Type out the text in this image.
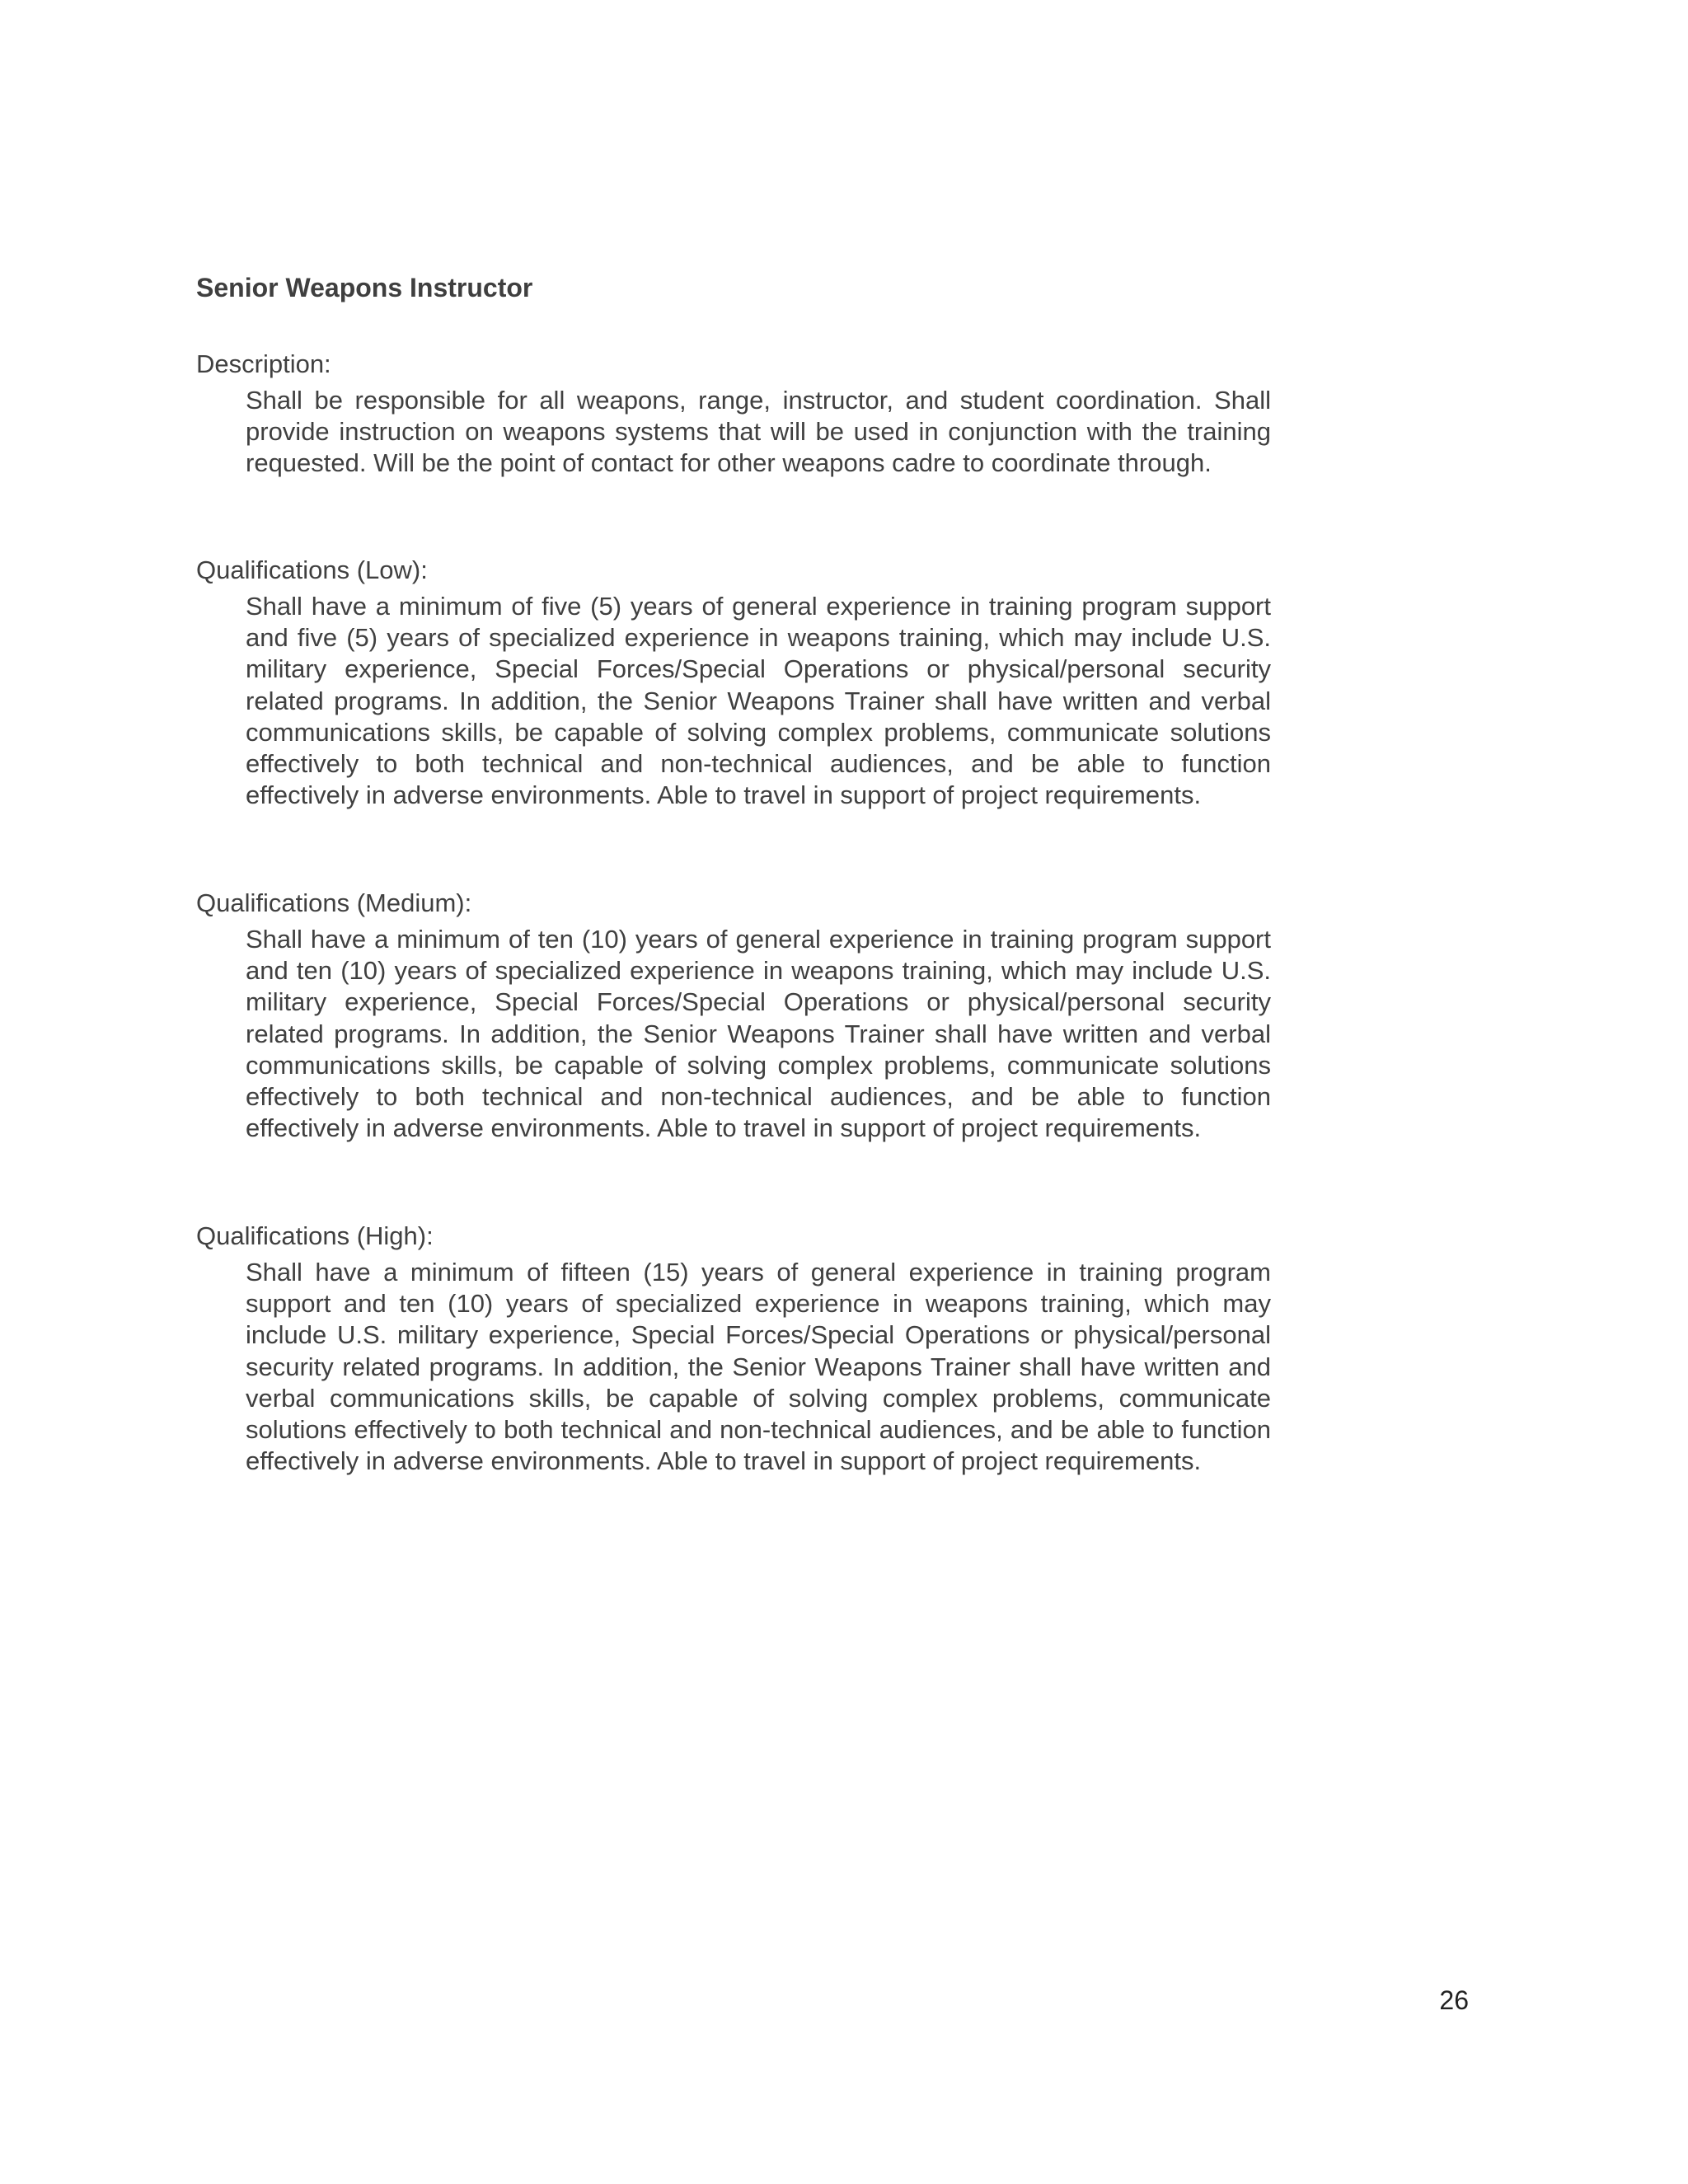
Senior Weapons Instructor

Description:

Shall be responsible for all weapons, range, instructor, and student coordination. Shall provide instruction on weapons systems that will be used in conjunction with the training requested. Will be the point of contact for other weapons cadre to coordinate through.

Qualifications (Low):

Shall have a minimum of five (5) years of general experience in training program support and five (5) years of specialized experience in weapons training, which may include U.S. military experience, Special Forces/Special Operations or physical/personal security related programs. In addition, the Senior Weapons Trainer shall have written and verbal communications skills, be capable of solving complex problems, communicate solutions effectively to both technical and non-technical audiences, and be able to function effectively in adverse environments. Able to travel in support of project requirements.

Qualifications (Medium):

Shall have a minimum of ten (10) years of general experience in training program support and ten (10) years of specialized experience in weapons training, which may include U.S. military experience, Special Forces/Special Operations or physical/personal security related programs. In addition, the Senior Weapons Trainer shall have written and verbal communications skills, be capable of solving complex problems, communicate solutions effectively to both technical and non-technical audiences, and be able to function effectively in adverse environments. Able to travel in support of project requirements.

Qualifications (High):

Shall have a minimum of fifteen (15) years of general experience in training program support and ten (10) years of specialized experience in weapons training, which may include U.S. military experience, Special Forces/Special Operations or physical/personal security related programs. In addition, the Senior Weapons Trainer shall have written and verbal communications skills, be capable of solving complex problems, communicate solutions effectively to both technical and non-technical audiences, and be able to function effectively in adverse environments. Able to travel in support of project requirements.
26
